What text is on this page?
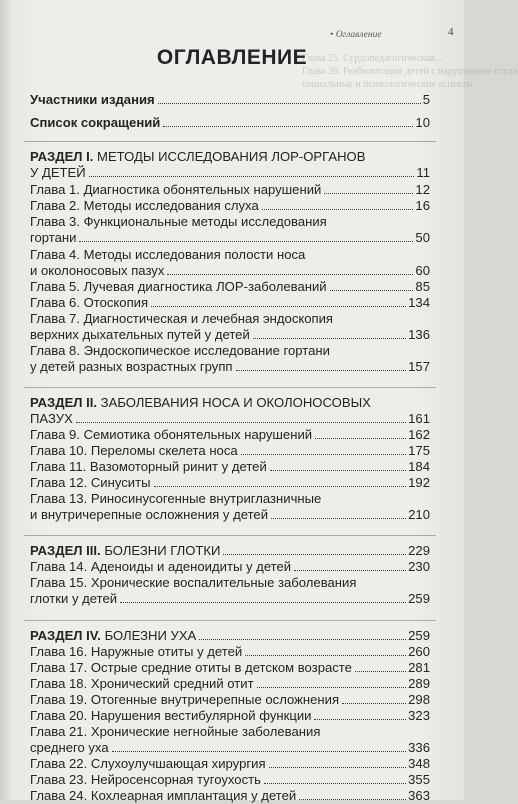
• Оглавление	4
Глава 25. Сурдопедагогическая...
Глава 26. Реабилитация детей с нарушением слуха
социальные и психологические аспекты
ОГЛАВЛЕНИЕ
Участники издания	5
Список сокращений	10
РАЗДЕЛ I. МЕТОДЫ ИССЛЕДОВАНИЯ ЛОР-ОРГАНОВ
У ДЕТЕЙ	11
Глава 1. Диагностика обонятельных нарушений	12
Глава 2. Методы исследования слуха	16
Глава 3. Функциональные методы исследования
гортани	50
Глава 4. Методы исследования полости носа
и околоносовых пазух	60
Глава 5. Лучевая диагностика ЛОР-заболеваний	85
Глава 6. Отоскопия	134
Глава 7. Диагностическая и лечебная эндоскопия
верхних дыхательных путей у детей	136
Глава 8. Эндоскопическое исследование гортани
у детей разных возрастных групп	157
РАЗДЕЛ II. ЗАБОЛЕВАНИЯ НОСА И ОКОЛОНОСОВЫХ
ПАЗУХ	161
Глава 9. Семиотика обонятельных нарушений	162
Глава 10. Переломы скелета носа	175
Глава 11. Вазомоторный ринит у детей	184
Глава 12. Синуситы	192
Глава 13. Риносинусогенные внутриглазничные
и внутричерепные осложнения у детей	210
РАЗДЕЛ III. БОЛЕЗНИ ГЛОТКИ	229
Глава 14. Аденоиды и аденоидиты у детей	230
Глава 15. Хронические воспалительные заболевания
глотки у детей	259
РАЗДЕЛ IV. БОЛЕЗНИ УХА	259
Глава 16. Наружные отиты у детей	260
Глава 17. Острые средние отиты в детском возрасте	281
Глава 18. Хронический средний отит	289
Глава 19. Отогенные внутричерепные осложнения	298
Глава 20. Нарушения вестибулярной функции	323
Глава 21. Хронические негнойные заболевания
среднего уха	336
Глава 22. Слухоулучшающая хирургия	348
Глава 23. Нейросенсорная тугоухость	355
Глава 24. Кохлеарная имплантация у детей	363
